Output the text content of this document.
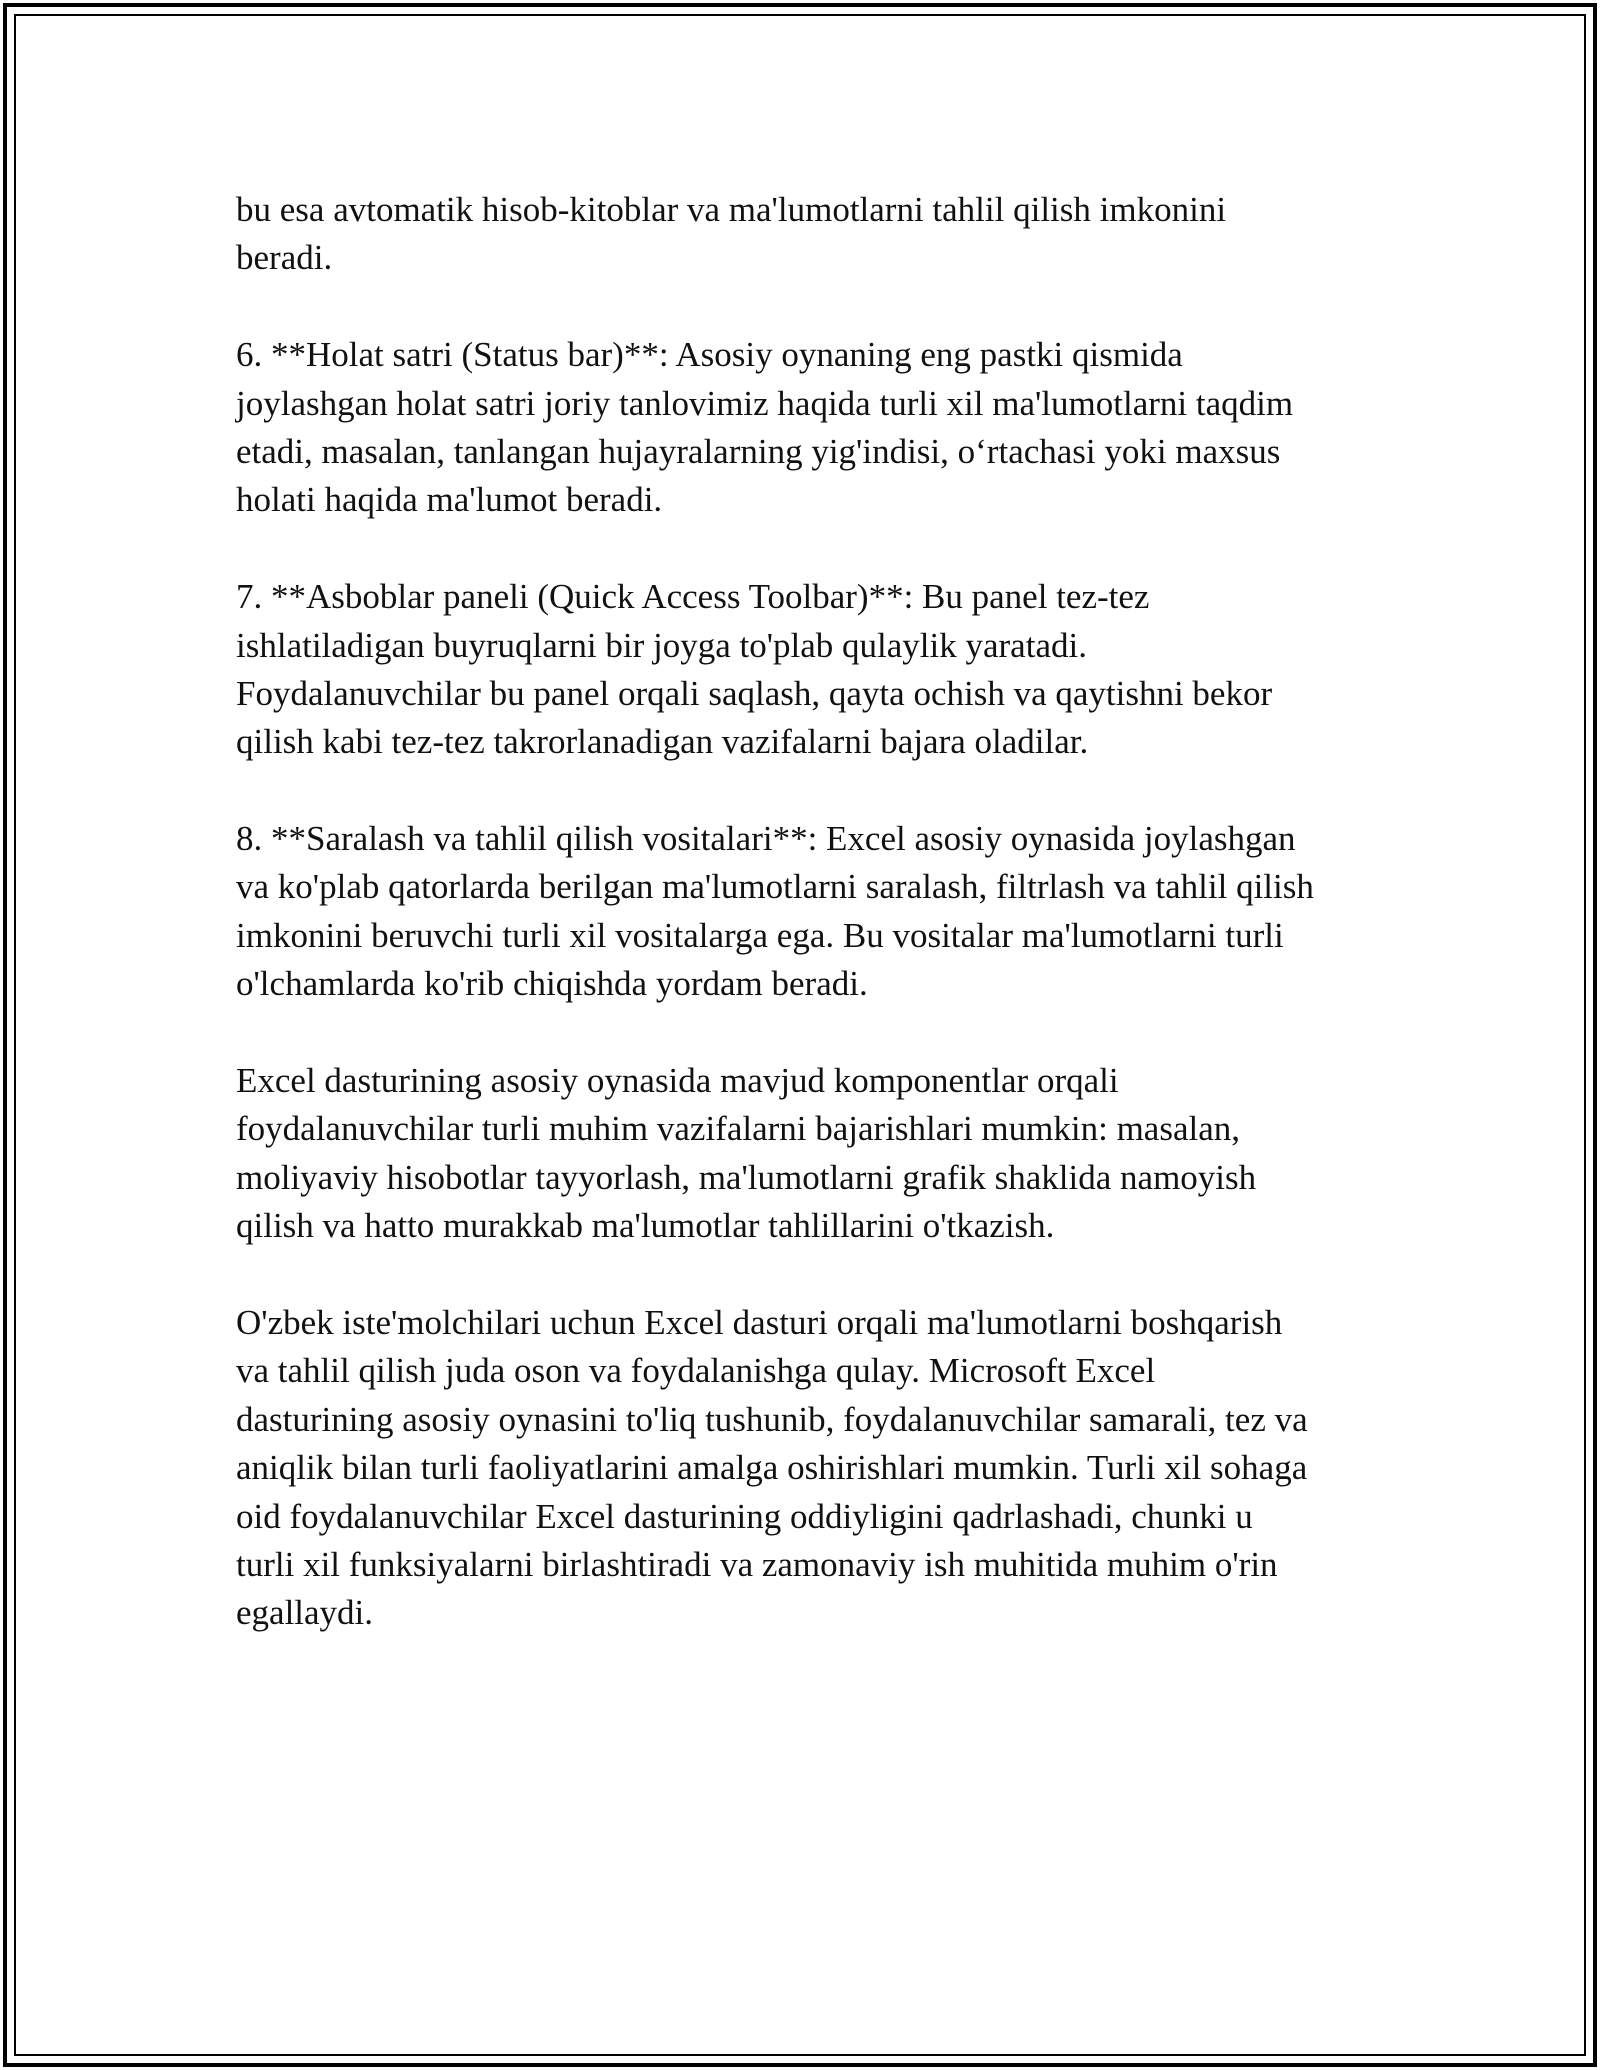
bu esa avtomatik hisob-kitoblar va ma'lumotlarni tahlil qilish imkonini
beradi.

6. **Holat satri (Status bar)**: Asosiy oynaning eng pastki qismida
joylashgan holat satri joriy tanlovimiz haqida turli xil ma'lumotlarni taqdim
etadi, masalan, tanlangan hujayralarning yig'indisi, oʻrtachasi yoki maxsus
holati haqida ma'lumot beradi.

7. **Asboblar paneli (Quick Access Toolbar)**: Bu panel tez-tez
ishlatiladigan buyruqlarni bir joyga to'plab qulaylik yaratadi.
Foydalanuvchilar bu panel orqali saqlash, qayta ochish va qaytishni bekor
qilish kabi tez-tez takrorlanadigan vazifalarni bajara oladilar.

8. **Saralash va tahlil qilish vositalari**: Excel asosiy oynasida joylashgan
va ko'plab qatorlarda berilgan ma'lumotlarni saralash, filtrlash va tahlil qilish
imkonini beruvchi turli xil vositalarga ega. Bu vositalar ma'lumotlarni turli
o'lchamlarda ko'rib chiqishda yordam beradi.

Excel dasturining asosiy oynasida mavjud komponentlar orqali
foydalanuvchilar turli muhim vazifalarni bajarishlari mumkin: masalan,
moliyaviy hisobotlar tayyorlash, ma'lumotlarni grafik shaklida namoyish
qilish va hatto murakkab ma'lumotlar tahlillarini o'tkazish.

O'zbek iste'molchilari uchun Excel dasturi orqali ma'lumotlarni boshqarish
va tahlil qilish juda oson va foydalanishga qulay. Microsoft Excel
dasturining asosiy oynasini to'liq tushunib, foydalanuvchilar samarali, tez va
aniqlik bilan turli faoliyatlarini amalga oshirishlari mumkin. Turli xil sohaga
oid foydalanuvchilar Excel dasturining oddiyligini qadrlashadi, chunki u
turli xil funksiyalarni birlashtiradi va zamonaviy ish muhitida muhim o'rin
egallaydi.
